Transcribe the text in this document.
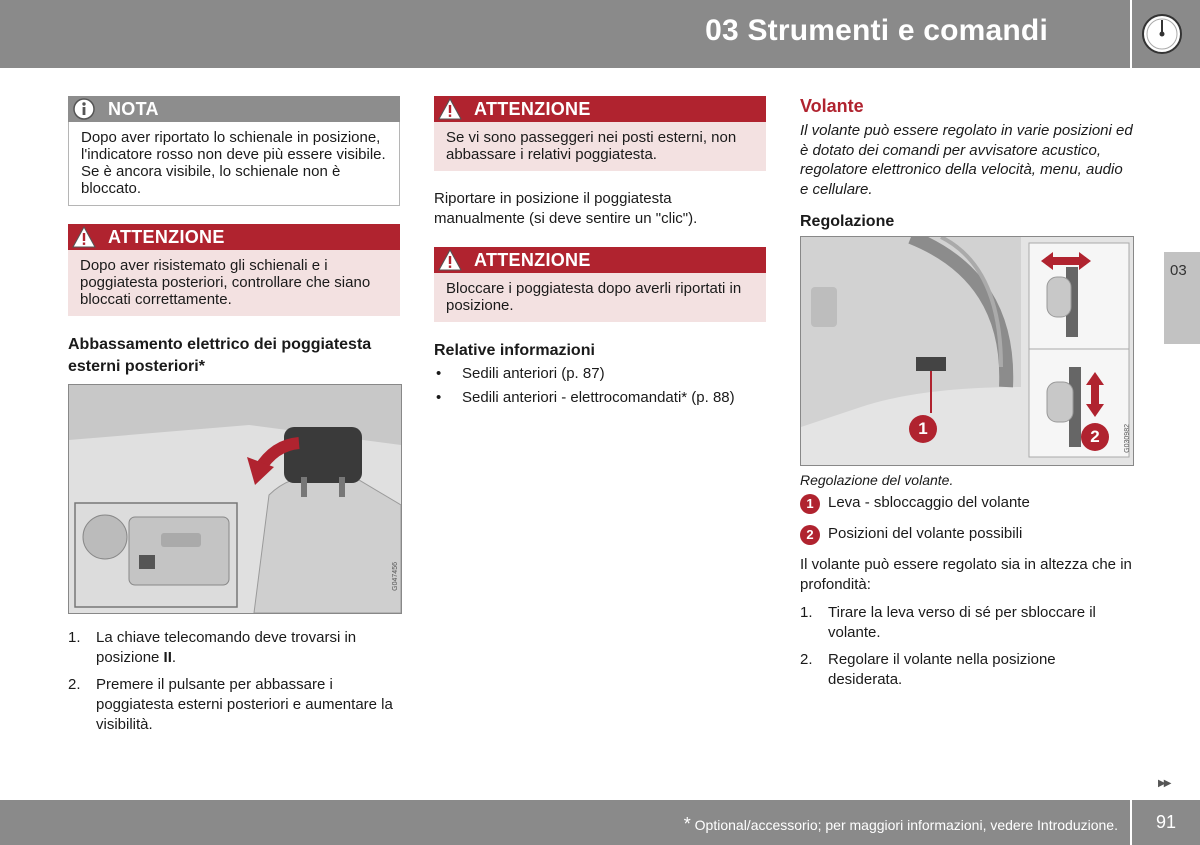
03 Strumenti e comandi
03
NOTA
Dopo aver riportato lo schienale in posizione, l'indicatore rosso non deve più essere visibile. Se è ancora visibile, lo schienale non è bloccato.
ATTENZIONE
Dopo aver risistemato gli schienali e i poggiatesta posteriori, controllare che siano bloccati correttamente.
Abbassamento elettrico dei poggiatesta esterni posteriori*
G047456
1. La chiave telecomando deve trovarsi in posizione II.
2. Premere il pulsante per abbassare i poggiatesta esterni posteriori e aumentare la visibilità.
ATTENZIONE
Se vi sono passeggeri nei posti esterni, non abbassare i relativi poggiatesta.

Riportare in posizione il poggiatesta manualmente (si deve sentire un "clic").

ATTENZIONE
Bloccare i poggiatesta dopo averli riportati in posizione.
Relative informazioni
• Sedili anteriori (p. 87)
• Sedili anteriori - elettrocomandati* (p. 88)
Volante

Il volante può essere regolato in varie posizioni ed è dotato dei comandi per avvisatore acustico, regolatore elettronico della velocità, menu, audio e cellulare.

Regolazione
1	2	G030982
Regolazione del volante.
1 Leva - sbloccaggio del volante
2 Posizioni del volante possibili

Il volante può essere regolato sia in altezza che in profondità:

1. Tirare la leva verso di sé per sbloccare il volante.
2. Regolare il volante nella posizione desiderata.
▶▶
* Optional/accessorio; per maggiori informazioni, vedere Introduzione.	91
